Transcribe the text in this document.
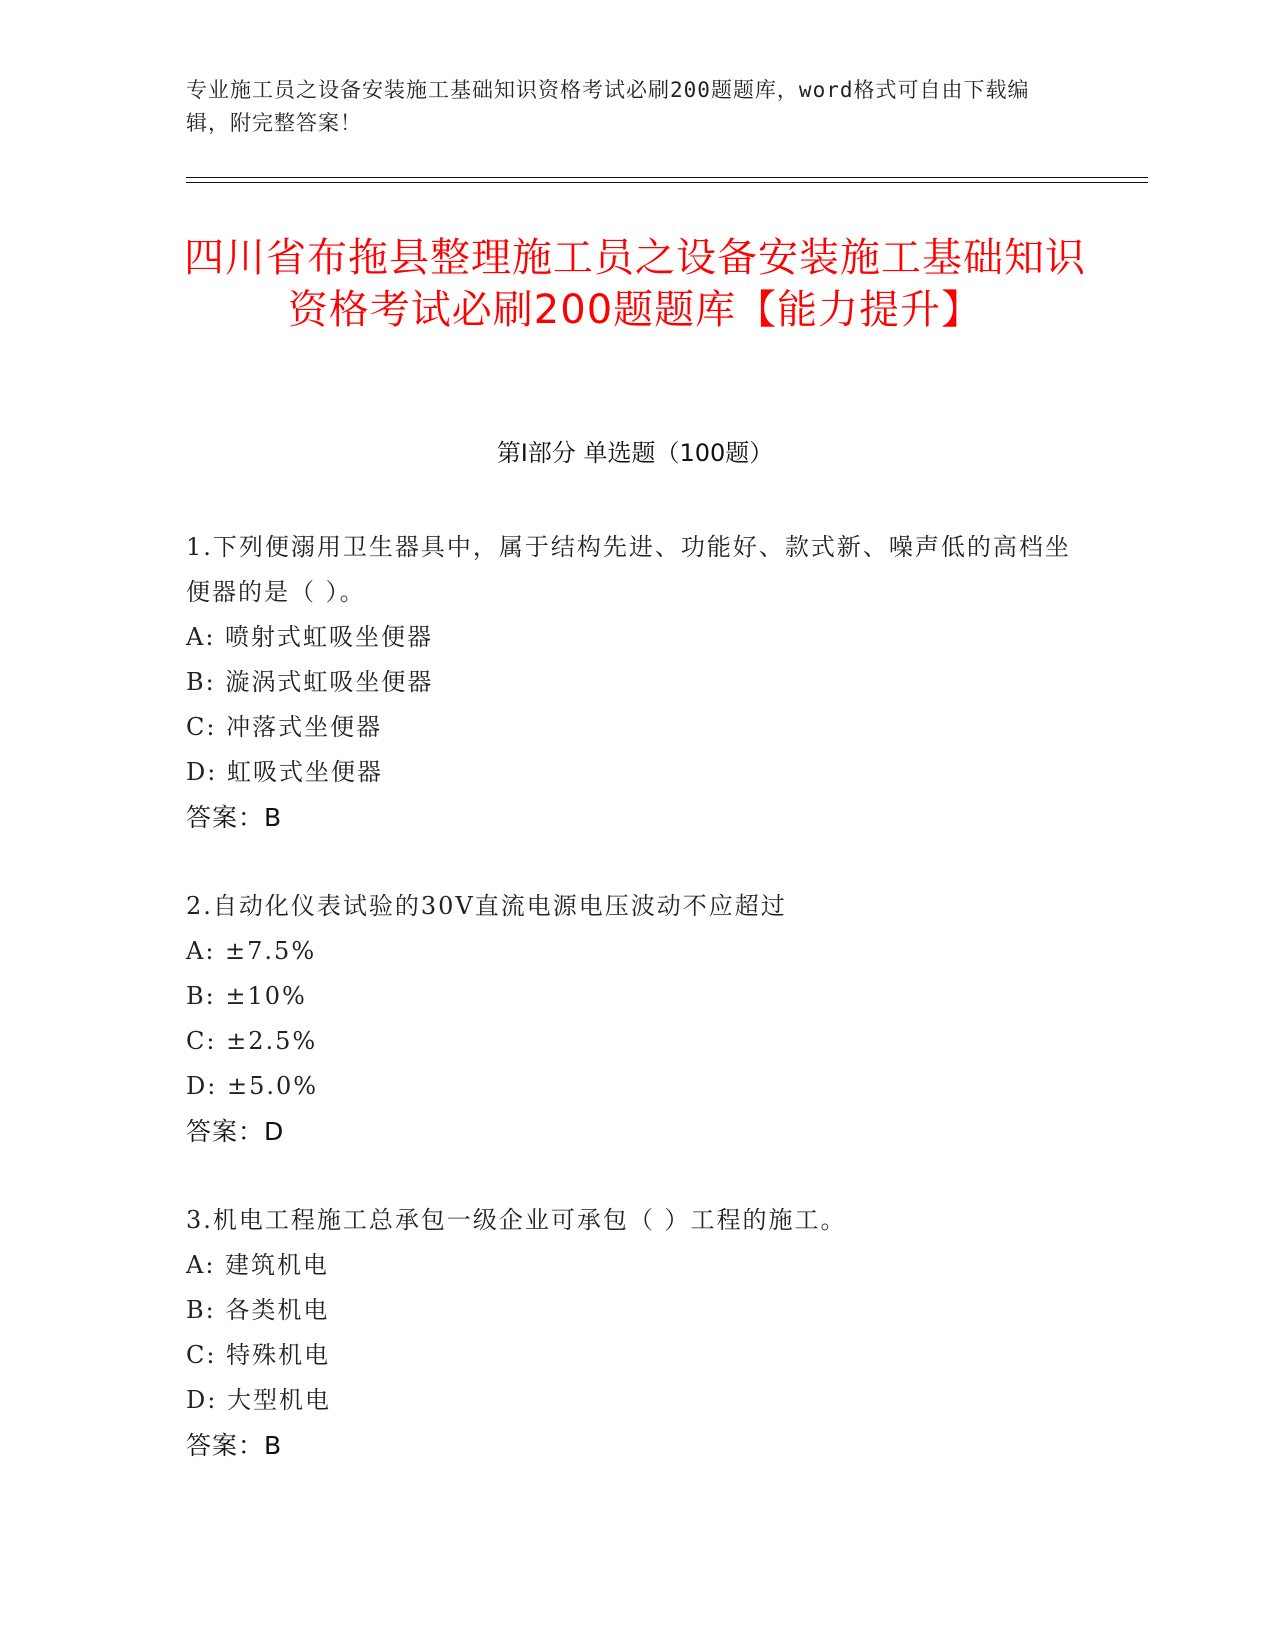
专业施工员之设备安装施工基础知识资格考试必刷200题题库，word格式可自由下载编辑，附完整答案！
四川省布拖县整理施工员之设备安装施工基础知识资格考试必刷200题题库【能力提升】
第I部分 单选题（100题）

1.下列便溺用卫生器具中，属于结构先进、功能好、款式新、噪声低的高档坐便器的是（ ）。

A: 喷射式虹吸坐便器

B: 漩涡式虹吸坐便器

C: 冲落式坐便器

D: 虹吸式坐便器

答案：B

2.自动化仪表试验的30V直流电源电压波动不应超过

A: ±7.5%

B: ±10%

C: ±2.5%

D: ±5.0%

答案：D

3.机电工程施工总承包一级企业可承包（ ）工程的施工。

A: 建筑机电

B: 各类机电

C: 特殊机电

D: 大型机电

答案：B
